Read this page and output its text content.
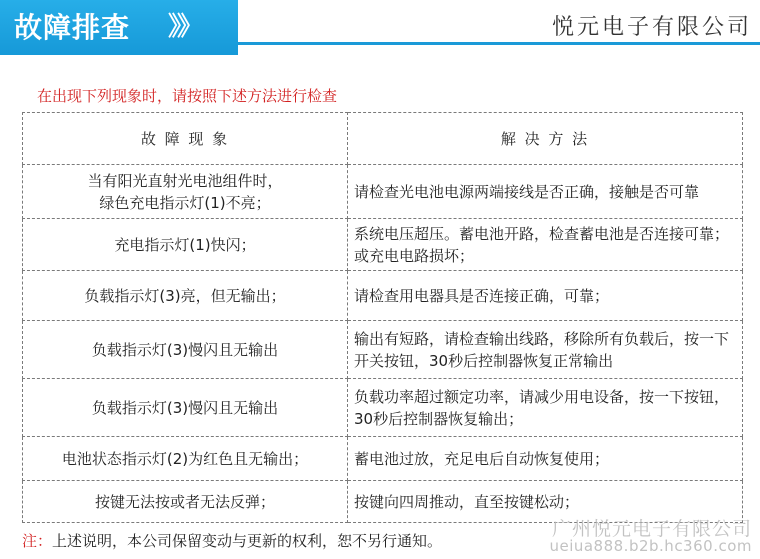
故障排查 》》	悦元电子有限公司
在出现下列现象时，请按照下述方法进行检查
故 障 现 象	解 决 方 法

当有阳光直射光电池组件时，
绿色充电指示灯(1)不亮；	请检查光电池电源两端接线是否正确，接触是否可靠
充电指示灯(1)快闪；	系统电压超压。蓄电池开路，检查蓄电池是否连接可靠；或充电电路损坏；
负载指示灯(3)亮，但无输出；	请检查用电器具是否连接正确，可靠；
负载指示灯(3)慢闪且无输出	输出有短路，请检查输出线路，移除所有负载后，按一下开关按钮，30秒后控制器恢复正常输出
负载指示灯(3)慢闪且无输出	负载功率超过额定功率，请减少用电设备，按一下按钮，30秒后控制器恢复输出；
电池状态指示灯(2)为红色且无输出；	蓄电池过放，充足电后自动恢复使用；
按键无法按或者无法反弹；	按键向四周推动，直至按键松动；
注：上述说明，本公司保留变动与更新的权利，恕不另行通知。
广州悦元电子有限公司
ueiua888.b2b.hc360.com
